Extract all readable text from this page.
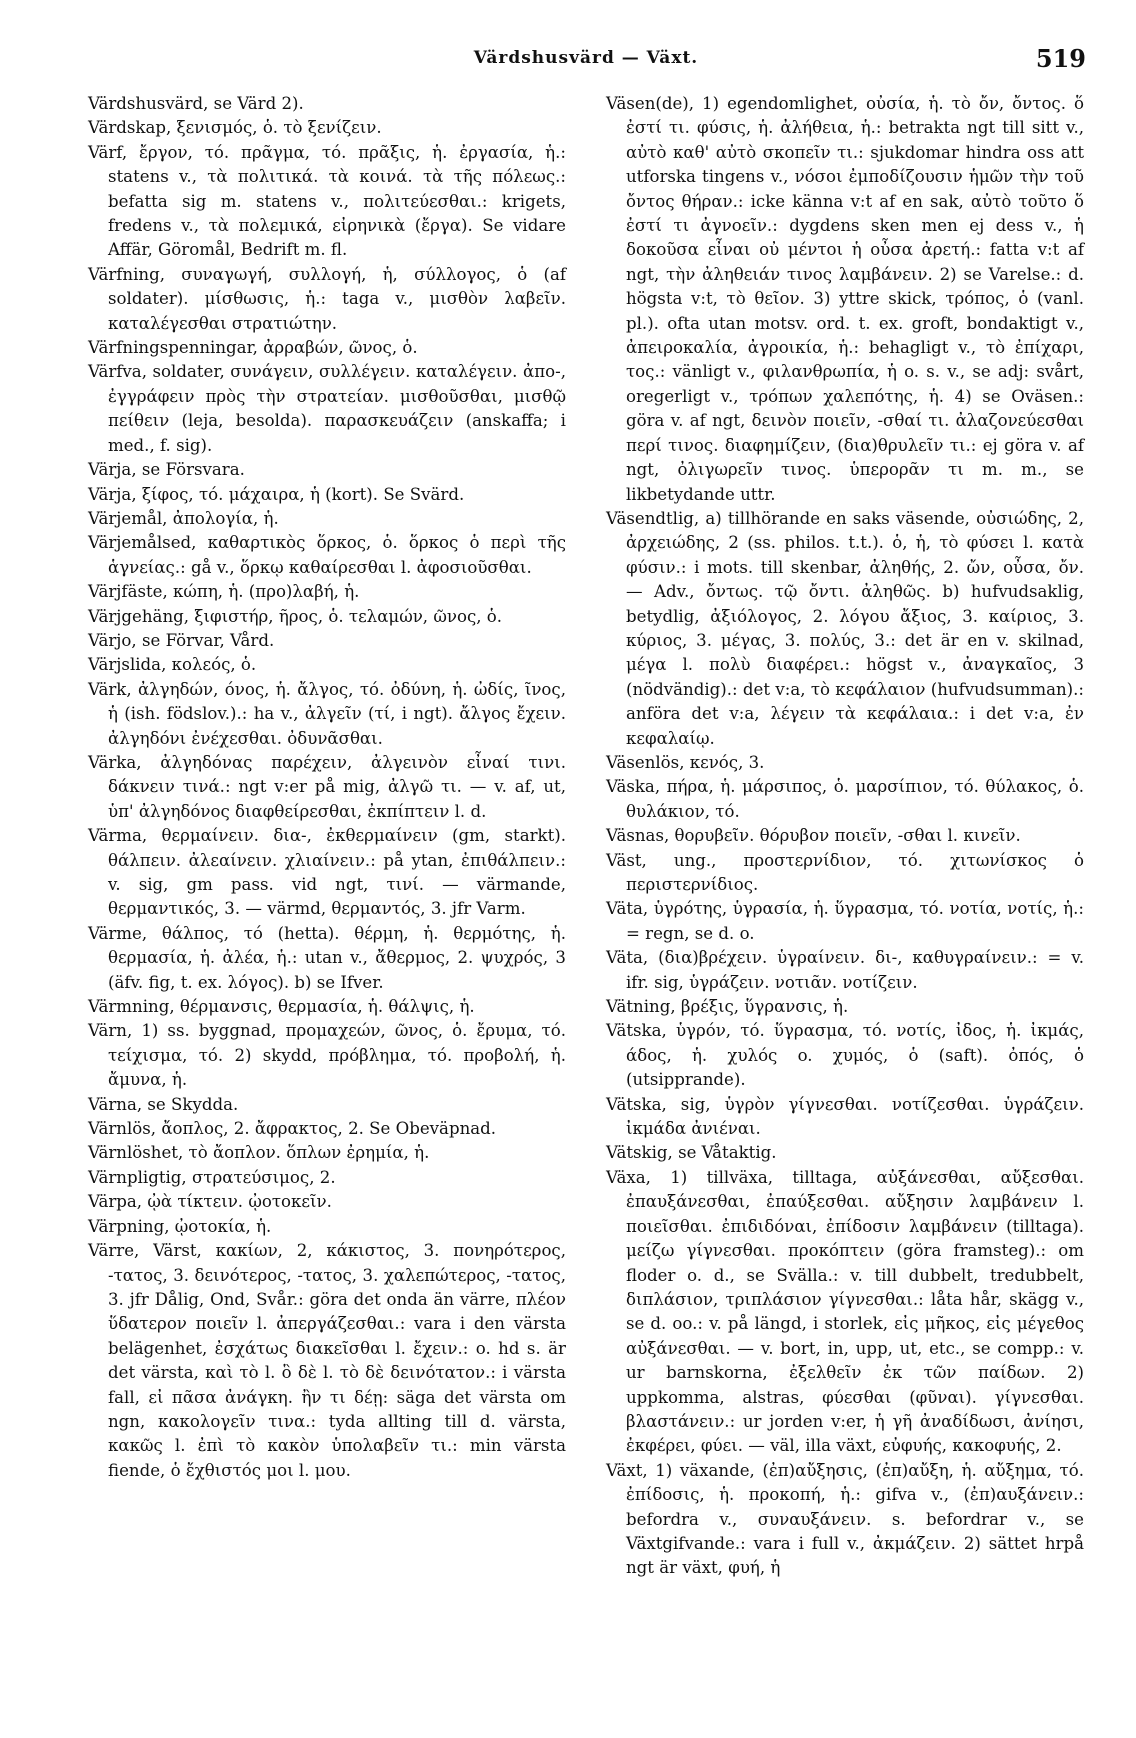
Värdshusvärd — Växt.	519

Värdshusvärd, se Värd 2).

Värdskap, ξενισμός, ὁ. τὸ ξενίζειν.

Värf, ἔργον, τό. πρᾶγμα, τό. πρᾶξις, ἡ. ἐργασία, ἡ.: statens v., τὰ πολιτικά. τὰ κοινά. τὰ τῆς πόλεως.: befatta sig m. statens v., πολιτεύεσθαι.: krigets, fredens v., τὰ πολεμικά, εἰρηνικὰ (ἔργα). Se vidare Affär, Göromål, Bedrift m. fl.

Värfning, συναγωγή, συλλογή, ἡ, σύλλογος, ὁ (af soldater). μίσθωσις, ἡ.: taga v., μισθὸν λαβεῖν. καταλέγεσθαι στρατιώτην.

Värfningspenningar, ἀρραβών, ῶνος, ὁ.

Värfva, soldater, συνάγειν, συλλέγειν. καταλέγειν. ἀπο-, ἐγγράφειν πρὸς τὴν στρατείαν. μισθοῦσθαι, μισθῷ πείθειν (leja, besolda). παρασκευάζειν (anskaffa; i med., f. sig).

Värja, se Försvara.

Värja, ξίφος, τό. μάχαιρα, ἡ (kort). Se Svärd.

Värjemål, ἀπολογία, ἡ.

Värjemålsed, καθαρτικὸς ὅρκος, ὁ. ὅρκος ὁ περὶ τῆς ἁγνείας.: gå v., ὅρκῳ καθαίρεσθαι l. ἀφοσιοῦσθαι.

Värjfäste, κώπη, ἡ. (προ)λαβή, ἡ.

Värjgehäng, ξιφιστήρ, ῆρος, ὁ. τελαμών, ῶνος, ὁ.

Värjo, se Förvar, Vård.

Värjslida, κολεός, ὁ.

Värk, ἀλγηδών, όνος, ἡ. ἄλγος, τό. ὀδύνη, ἡ. ὠδίς, ῖνος, ἡ (ish. födslov.).: ha v., ἀλγεῖν (τί, i ngt). ἄλγος ἔχειν. ἀλγηδόνι ἐνέχεσθαι. ὀδυνᾶσθαι.

Värka, ἀλγηδόνας παρέχειν, ἀλγεινὸν εἶναί τινι. δάκνειν τινά.: ngt v:er på mig, ἀλγῶ τι. — v. af, ut, ὑπ' ἀλγηδόνος διαφθείρεσθαι, ἐκπίπτειν l. d.

Värma, θερμαίνειν. δια-, ἐκθερμαίνειν (gm, starkt). θάλπειν. ἀλεαίνειν. χλιαίνειν.: på ytan, ἐπιθάλπειν.: v. sig, gm pass. vid ngt, τινί. — värmande, θερμαντικός, 3. — värmd, θερμαντός, 3. jfr Varm.

Värme, θάλπος, τό (hetta). θέρμη, ἡ. θερμότης, ἡ. θερμασία, ἡ. ἀλέα, ἡ.: utan v., ἄθερμος, 2. ψυχρός, 3 (äfv. fig, t. ex. λόγος). b) se Ifver.

Värmning, θέρμανσις, θερμασία, ἡ. θάλψις, ἡ.

Värn, 1) ss. byggnad, προμαχεών, ῶνος, ὁ. ἔρυμα, τό. τείχισμα, τό. 2) skydd, πρόβλημα, τό. προβολή, ἡ. ἄμυνα, ἡ.

Värna, se Skydda.

Värnlös, ἄοπλος, 2. ἄφρακτος, 2. Se Obeväpnad.

Värnlöshet, τὸ ἄοπλον. ὅπλων ἐρημία, ἡ.

Värnpligtig, στρατεύσιμος, 2.

Värpa, ᾠὰ τίκτειν. ᾠοτοκεῖν.

Värpning, ᾠοτοκία, ἡ.

Värre, Värst, κακίων, 2, κάκιστος, 3. πονηρότερος, -τατος, 3. δεινότερος, -τατος, 3. χαλεπώτερος, -τατος, 3. jfr Dålig, Ond, Svår.: göra det onda än värre, πλέον ὕδατερον ποιεῖν l. ἀπεργάζεσθαι.: vara i den värsta belägenhet, ἐσχάτως διακεῖσθαι l. ἔχειν.: o. hd s. är det värsta, καὶ τὸ l. ὃ δὲ l. τὸ δὲ δεινότατον.: i värsta fall, εἰ πᾶσα ἀνάγκη. ἢν τι δέῃ: säga det värsta om ngn, κακολογεῖν τινα.: tyda allting till d. värsta, κακῶς l. ἐπὶ τὸ κακὸν ὑπολαβεῖν τι.: min värsta fiende, ὁ ἔχθιστός μοι l. μου.

Väsen(de), 1) egendomlighet, οὐσία, ἡ. τὸ ὄν, ὄντος. ὅ ἐστί τι. φύσις, ἡ. ἀλήθεια, ἡ.: betrakta ngt till sitt v., αὐτὸ καθ' αὐτὸ σκοπεῖν τι.: sjukdomar hindra oss att utforska tingens v., νόσοι ἐμποδίζουσιν ἡμῶν τὴν τοῦ ὄντος θήραν.: icke känna v:t af en sak, αὐτὸ τοῦτο ὅ ἐστί τι ἀγνοεῖν.: dygdens sken men ej dess v., ἡ δοκοῦσα εἶναι οὐ μέντοι ἡ οὖσα ἀρετή.: fatta v:t af ngt, τὴν ἀληθειάν τινος λαμβάνειν. 2) se Varelse.: d. högsta v:t, τὸ θεῖον. 3) yttre skick, τρόπος, ὁ (vanl. pl.). ofta utan motsv. ord. t. ex. groft, bondaktigt v., ἀπειροκαλία, ἀγροικία, ἡ.: behagligt v., τὸ ἐπίχαρι, τος.: vänligt v., φιλανθρωπία, ἡ o. s. v., se adj: svårt, oregerligt v., τρόπων χαλεπότης, ἡ. 4) se Oväsen.: göra v. af ngt, δεινὸν ποιεῖν, -σθαί τι. ἀλαζονεύεσθαι περί τινος. διαφημίζειν, (δια)θρυλεῖν τι.: ej göra v. af ngt, ὀλιγωρεῖν τινος. ὑπερορᾶν τι m. m., se likbetydande uttr.

Väsendtlig, a) tillhörande en saks väsende, οὐσιώδης, 2, ἀρχειώδης, 2 (ss. philos. t.t.). ὁ, ἡ, τὸ φύσει l. κατὰ φύσιν.: i mots. till skenbar, ἀληθής, 2. ὤν, οὖσα, ὄν. — Adv., ὄντως. τῷ ὄντι. ἀληθῶς. b) hufvudsaklig, betydlig, ἀξιόλογος, 2. λόγου ἄξιος, 3. καίριος, 3. κύριος, 3. μέγας, 3. πολύς, 3.: det är en v. skilnad, μέγα l. πολὺ διαφέρει.: högst v., ἀναγκαῖος, 3 (nödvändig).: det v:a, τὸ κεφάλαιον (hufvudsumman).: anföra det v:a, λέγειν τὰ κεφάλαια.: i det v:a, ἐν κεφαλαίῳ.

Väsenlös, κενός, 3.

Väska, πήρα, ἡ. μάρσιπος, ὁ. μαρσίπιον, τό. θύλακος, ὁ. θυλάκιον, τό.

Väsnas, θορυβεῖν. θόρυβον ποιεῖν, -σθαι l. κινεῖν.

Väst, ung., προστερνίδιον, τό. χιτωνίσκος ὁ περιστερνίδιος.

Väta, ὑγρότης, ὑγρασία, ἡ. ὕγρασμα, τό. νοτία, νοτίς, ἡ.: = regn, se d. o.

Väta, (δια)βρέχειν. ὑγραίνειν. δι-, καθυγραίνειν.: = v. ifr. sig, ὑγράζειν. νοτιᾶν. νοτίζειν.

Vätning, βρέξις, ὕγρανσις, ἡ.

Vätska, ὑγρόν, τό. ὕγρασμα, τό. νοτίς, ἰδος, ἡ. ἰκμάς, άδος, ἡ. χυλός o. χυμός, ὁ (saft). ὀπός, ὁ (utsipprande).

Vätska, sig, ὑγρὸν γίγνεσθαι. νοτίζεσθαι. ὑγράζειν. ἰκμάδα ἀνιέναι.

Vätskig, se Våtaktig.

Växa, 1) tillväxa, tilltaga, αὐξάνεσθαι, αὔξεσθαι. ἐπαυξάνεσθαι, ἐπαύξεσθαι. αὔξησιν λαμβάνειν l. ποιεῖσθαι. ἐπιδιδόναι, ἐπίδοσιν λαμβάνειν (tilltaga). μείζω γίγνεσθαι. προκόπτειν (göra framsteg).: om floder o. d., se Svälla.: v. till dubbelt, tredubbelt, διπλάσιον, τριπλάσιον γίγνεσθαι.: låta hår, skägg v., se d. oo.: v. på längd, i storlek, εἰς μῆκος, εἰς μέγεθος αὐξάνεσθαι. — v. bort, in, upp, ut, etc., se compp.: v. ur barnskorna, ἐξελθεῖν ἐκ τῶν παίδων. 2) uppkomma, alstras, φύεσθαι (φῦναι). γίγνεσθαι. βλαστάνειν.: ur jorden v:er, ἡ γῆ ἀναδίδωσι, ἀνίησι, ἐκφέρει, φύει. — väl, illa växt, εὐφυής, κακοφυής, 2.

Växt, 1) växande, (ἐπ)αὔξησις, (ἐπ)αὔξη, ἡ. αὔξημα, τό. ἐπίδοσις, ἡ. προκοπή, ἡ.: gifva v., (ἐπ)αυξάνειν.: befordra v., συναυξάνειν. s. befordrar v., se Växtgifvande.: vara i full v., ἀκμάζειν. 2) sättet hrpå ngt är växt, φυή, ἡ
